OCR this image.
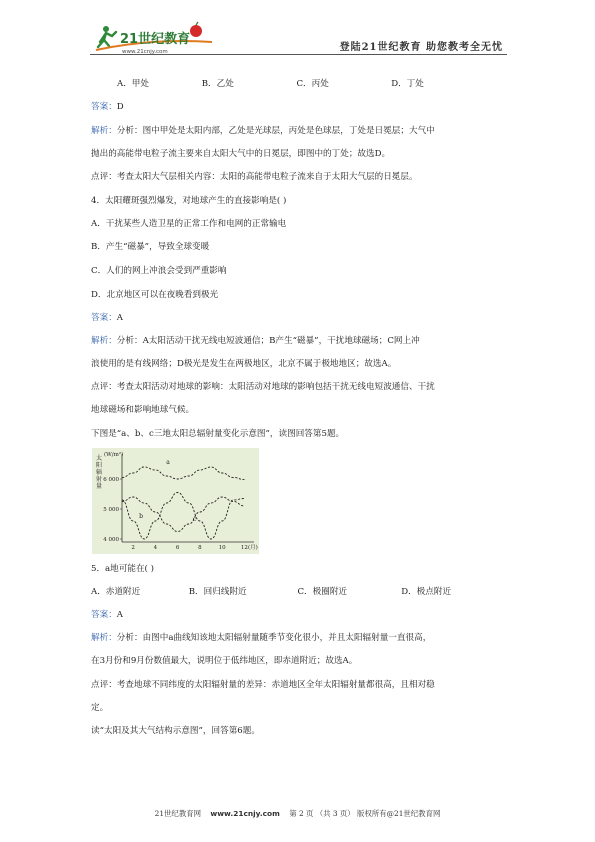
21世纪教育
www.21cnjy.com	登陆21世纪教育 助您教考全无忧
A．甲处	B．乙处	C．丙处	D．丁处
答案：D
解析：分析：图中甲处是太阳内部，乙处是光球层，丙处是色球层，丁处是日冕层；大气中
抛出的高能带电粒子流主要来自太阳大气中的日冕层，即图中的丁处；故选D。
点评：考查太阳大气层相关内容：太阳的高能带电粒子流来自于太阳大气层的日冕层。
4．太阳耀斑强烈爆发，对地球产生的直接影响是( )
A．干扰某些人造卫星的正常工作和电网的正常输电
B．产生“磁暴”，导致全球变暖
C．人们的网上冲浪会受到严重影响
D．北京地区可以在夜晚看到极光
答案：A
解析：分析：A太阳活动干扰无线电短波通信；B产生“磁暴”，干扰地球磁场；C网上冲
浪使用的是有线网络；D极光是发生在两极地区，北京不属于极地地区；故选A。
点评：考查太阳活动对地球的影响：太阳活动对地球的影响包括干扰无线电短波通信、干扰
地球磁场和影响地球气候。
下图是“a、b、c三地太阳总辐射量变化示意图”，读图回答第5题。
太阳辐射量
(W/m²)
6 000
5 000
4 000
2	4	6	8	10	12 (月)
a
b	c
5．a地可能在( )
A．赤道附近	B．回归线附近	C．极圈附近	D．极点附近
答案：A
解析：分析：由图中a曲线知该地太阳辐射量随季节变化很小，并且太阳辐射量一直很高，
在3月份和9月份数值最大，说明位于低纬地区，即赤道附近；故选A。
点评：考查地球不同纬度的太阳辐射量的差异：赤道地区全年太阳辐射量都很高，且相对稳
定。
读“太阳及其大气结构示意图”，回答第6题。
21世纪教育网 www.21cnjy.com 第 2 页 （共 3 页） 版权所有@21世纪教育网
